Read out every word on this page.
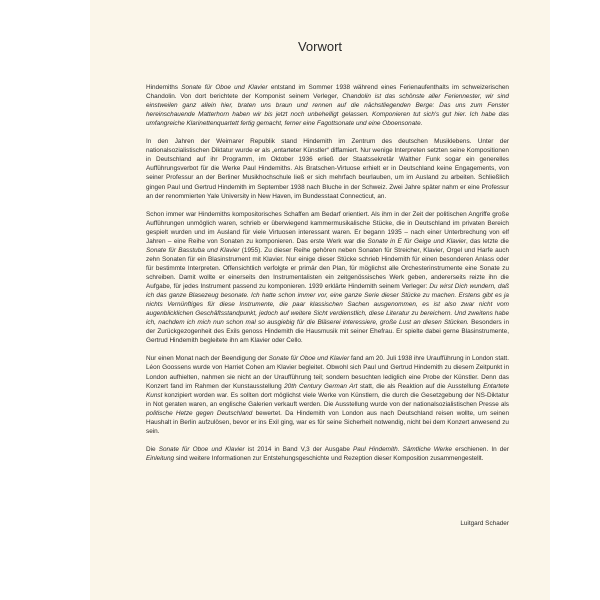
Vorwort

Hindemiths Sonate für Oboe und Klavier entstand im Sommer 1938 während eines Ferienaufenthalts im schweizerischen Chandolin. Von dort berichtete der Komponist seinem Verleger, Chandolin ist das schönste aller Feriennester, wir sind einstweilen ganz allein hier, braten uns braun und rennen auf die nächstliegenden Berge: Das uns zum Fenster hereinschauende Matterhorn haben wir bis jetzt noch unbehelligt gelassen. Komponieren tut sich's gut hier. Ich habe das umfangreiche Klarinettenquartett fertig gemacht, ferner eine Fagottsonate und eine Oboensonate.

In den Jahren der Weimarer Republik stand Hindemith im Zentrum des deutschen Musiklebens. Unter der nationalsozialistischen Diktatur wurde er als „entarteter Künstler“ diffamiert. Nur wenige Interpreten setzten seine Kompositionen in Deutschland auf ihr Programm, im Oktober 1936 erließ der Staatssekretär Walther Funk sogar ein generelles Aufführungsverbot für die Werke Paul Hindemiths. Als Bratschen-Virtuose erhielt er in Deutschland keine Engagements, von seiner Professur an der Berliner Musikhochschule ließ er sich mehrfach beurlauben, um im Ausland zu arbeiten. Schließlich gingen Paul und Gertrud Hindemith im September 1938 nach Bluche in der Schweiz. Zwei Jahre später nahm er eine Professur an der renommierten Yale University in New Haven, im Bundesstaat Connecticut, an.

Schon immer war Hindemiths kompositorisches Schaffen am Bedarf orientiert. Als ihm in der Zeit der politischen Angriffe große Aufführungen unmöglich waren, schrieb er überwiegend kammermusikalische Stücke, die in Deutschland im privaten Bereich gespielt wurden und im Ausland für viele Virtuosen interessant waren. Er begann 1935 – nach einer Unterbrechung von elf Jahren – eine Reihe von Sonaten zu komponieren. Das erste Werk war die Sonate in E für Geige und Klavier, das letzte die Sonate für Basstuba und Klavier (1955). Zu dieser Reihe gehören neben Sonaten für Streicher, Klavier, Orgel und Harfe auch zehn Sonaten für ein Blasinstrument mit Klavier. Nur einige dieser Stücke schrieb Hindemith für einen besonderen Anlass oder für bestimmte Interpreten. Offensichtlich verfolgte er primär den Plan, für möglichst alle Orchesterinstrumente eine Sonate zu schreiben. Damit wollte er einerseits den Instrumentalisten ein zeitgenössisches Werk geben, andererseits reizte ihn die Aufgabe, für jedes Instrument passend zu komponieren. 1939 erklärte Hindemith seinem Verleger: Du wirst Dich wundern, daß ich das ganze Blasezeug besonate. Ich hatte schon immer vor, eine ganze Serie dieser Stücke zu machen. Erstens gibt es ja nichts Vernünftiges für diese Instrumente, die paar klassischen Sachen ausgenommen, es ist also zwar nicht vom augenblicklichen Geschäftsstandpunkt, jedoch auf weitere Sicht verdienstlich, diese Literatur zu bereichern. Und zweitens habe ich, nachdem ich mich nun schon mal so ausgiebig für die Bläserei interessiere, große Lust an diesen Stücken. Besonders in der Zurückgezogenheit des Exils genoss Hindemith die Hausmusik mit seiner Ehefrau. Er spielte dabei gerne Blasinstrumente, Gertrud Hindemith begleitete ihn am Klavier oder Cello.

Nur einen Monat nach der Beendigung der Sonate für Oboe und Klavier fand am 20. Juli 1938 ihre Uraufführung in London statt. Léon Goossens wurde von Harriet Cohen am Klavier begleitet. Obwohl sich Paul und Gertrud Hindemith zu diesem Zeitpunkt in London aufhielten, nahmen sie nicht an der Uraufführung teil; sondern besuchten lediglich eine Probe der Künstler. Denn das Konzert fand im Rahmen der Kunstausstellung 20th Century German Art statt, die als Reaktion auf die Ausstellung Entartete Kunst konzipiert worden war. Es sollten dort möglichst viele Werke von Künstlern, die durch die Gesetzgebung der NS-Diktatur in Not geraten waren, an englische Galerien verkauft werden. Die Ausstellung wurde von der nationalsozialistischen Presse als politische Hetze gegen Deutschland bewertet. Da Hindemith von London aus nach Deutschland reisen wollte, um seinen Haushalt in Berlin aufzulösen, bevor er ins Exil ging, war es für seine Sicherheit notwendig, nicht bei dem Konzert anwesend zu sein.

Die Sonate für Oboe und Klavier ist 2014 in Band V,3 der Ausgabe Paul Hindemith. Sämtliche Werke erschienen. In der Einleitung sind weitere Informationen zur Entstehungsgeschichte und Rezeption dieser Komposition zusammengestellt.

Luitgard Schader
